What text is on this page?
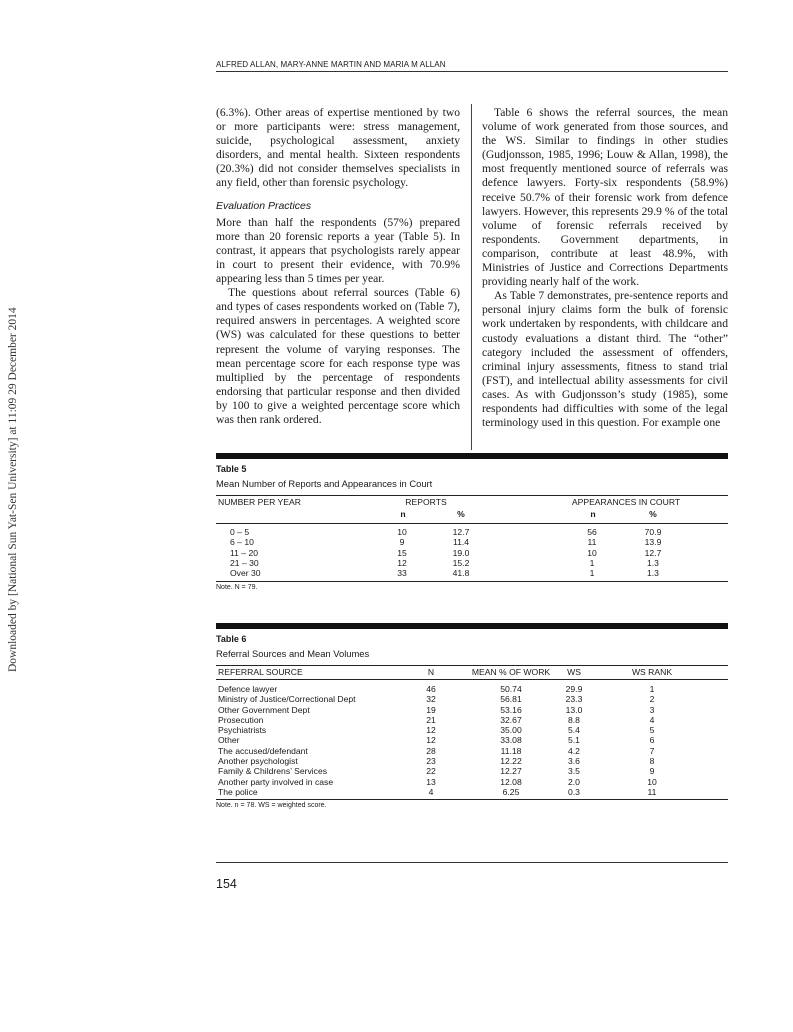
Downloaded by [National Sun Yat-Sen University] at 11:09 29 December 2014
ALFRED ALLAN, MARY-ANNE MARTIN AND MARIA M ALLAN

(6.3%). Other areas of expertise mentioned by two or more participants were: stress management, suicide, psychological assessment, anxiety disorders, and mental health. Sixteen respondents (20.3%) did not consider themselves specialists in any field, other than forensic psychology.

Evaluation Practices

More than half the respondents (57%) prepared more than 20 forensic reports a year (Table 5). In contrast, it appears that psychologists rarely appear in court to present their evidence, with 70.9% appearing less than 5 times per year.

The questions about referral sources (Table 6) and types of cases respondents worked on (Table 7), required answers in percentages. A weighted score (WS) was calculated for these questions to better represent the volume of varying responses. The mean percentage score for each response type was multiplied by the percentage of respondents endorsing that particular response and then divided by 100 to give a weighted percentage score which was then rank ordered.

Table 6 shows the referral sources, the mean volume of work generated from those sources, and the WS. Similar to findings in other studies (Gudjonsson, 1985, 1996; Louw & Allan, 1998), the most frequently mentioned source of referrals was defence lawyers. Forty-six respondents (58.9%) receive 50.7% of their forensic work from defence lawyers. However, this represents 29.9 % of the total volume of forensic referrals received by respondents. Government departments, in comparison, contribute at least 48.9%, with Ministries of Justice and Corrections Departments providing nearly half of the work.

As Table 7 demonstrates, pre-sentence reports and personal injury claims form the bulk of forensic work undertaken by respondents, with childcare and custody evaluations a distant third. The “other” category included the assessment of offenders, criminal injury assessments, fitness to stand trial (FST), and intellectual ability assessments for civil cases. As with Gudjonsson’s study (1985), some respondents had difficulties with some of the legal terminology used in this question. For example one

Table 5
Mean Number of Reports and Appearances in Court
NUMBER PER YEAR	REPORTS	APPEARANCES IN COURT
n	%	n	%
0 – 5	10	12.7	56	70.9
6 – 10	9	11.4	11	13.9
11 – 20	15	19.0	10	12.7
21 – 30	12	15.2	1	1.3
Over 30	33	41.8	1	1.3
Note. N = 79.
Table 6
Referral Sources and Mean Volumes
REFERRAL SOURCE	N	MEAN % OF WORK	WS	WS RANK
Defence lawyer	46	50.74	29.9	1
Ministry of Justice/Correctional Dept	32	56.81	23.3	2
Other Government Dept	19	53.16	13.0	3
Prosecution	21	32.67	8.8	4
Psychiatrists	12	35.00	5.4	5
Other	12	33.08	5.1	6
The accused/defendant	28	11.18	4.2	7
Another psychologist	23	12.22	3.6	8
Family & Childrens’ Services	22	12.27	3.5	9
Another party involved in case	13	12.08	2.0	10
The police	4	6.25	0.3	11
Note. n = 78. WS = weighted score.
154
